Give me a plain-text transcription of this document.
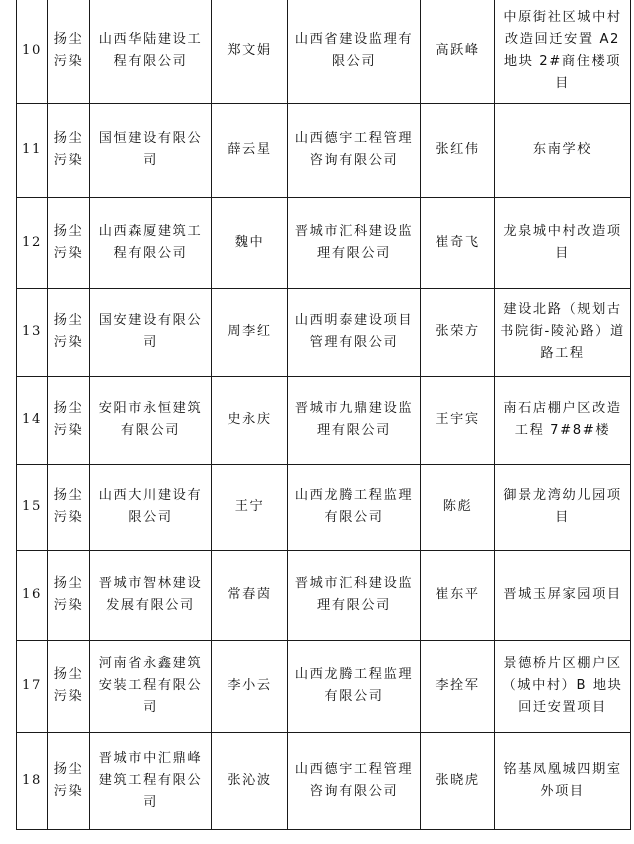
10	扬尘污染	山西华陆建设工程有限公司	郑文娟	山西省建设监理有限公司	高跃峰	中原街社区城中村改造回迁安置 A2 地块 2#商住楼项目
11	扬尘污染	国恒建设有限公司	薛云星	山西德宇工程管理咨询有限公司	张红伟	东南学校
12	扬尘污染	山西森厦建筑工程有限公司	魏中	晋城市汇科建设监理有限公司	崔奇飞	龙泉城中村改造项目
13	扬尘污染	国安建设有限公司	周李红	山西明泰建设项目管理有限公司	张荣方	建设北路（规划古书院街-陵沁路）道路工程
14	扬尘污染	安阳市永恒建筑有限公司	史永庆	晋城市九鼎建设监理有限公司	王宇宾	南石店棚户区改造工程 7#8#楼
15	扬尘污染	山西大川建设有限公司	王宁	山西龙腾工程监理有限公司	陈彪	御景龙湾幼儿园项目
16	扬尘污染	晋城市智林建设发展有限公司	常春茵	晋城市汇科建设监理有限公司	崔东平	晋城玉屏家园项目
17	扬尘污染	河南省永鑫建筑安装工程有限公司	李小云	山西龙腾工程监理有限公司	李拴军	景德桥片区棚户区（城中村）B 地块回迁安置项目
18	扬尘污染	晋城市中汇鼎峰建筑工程有限公司	张沁波	山西德宇工程管理咨询有限公司	张晓虎	铭基凤凰城四期室外项目
